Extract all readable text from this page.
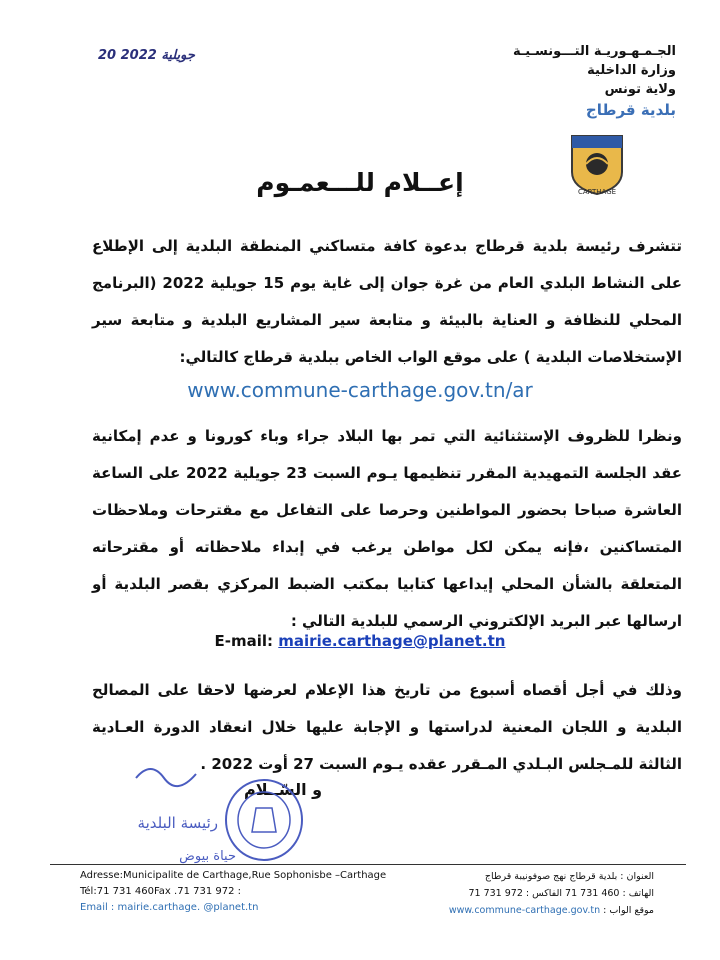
20 جويلية 2022	الجـمـهـوريـة التـــونسـيـة
وزارة الداخلية
ولاية تونس
بلدية قرطاج
CARTHAGE
إعــلام للـــعمـوم
تتشرف رئيسة بلدية قرطاج بدعوة كافة متساكني المنطقة البلدية إلى الإطلاع على النشاط البلدي العام من غرة جوان إلى غاية يوم 15 جويلية 2022 (البرنامج المحلي للنظافة و العناية بالبيئة و متابعة سير المشاريع البلدية و متابعة سير الإستخلاصات البلدية ) على موقع الواب الخاص ببلدية قرطاج كالتالي:
www.commune-carthage.gov.tn/ar
ونظرا للظروف الإستثنائية التي تمر بها البلاد جراء وباء كورونا و عدم إمكانية عقد الجلسة التمهيدية المقرر تنظيمها يـوم السبت 23 جويلية 2022 على الساعة العاشرة صباحا بحضور المواطنين وحرصا على التفاعل مع مقترحات وملاحظات المتساكنين ،فإنه يمكن لكل مواطن يرغب في إبداء ملاحظاته أو مقترحاته المتعلقة بالشأن المحلي إيداعها كتابيا بمكتب الضبط المركزي بقصر البلدية أو ارسالها عبر البريد الإلكتروني الرسمي للبلدية التالي :
E-mail: mairie.carthage@planet.tn
وذلك في أجل أقصاه أسبوع من تاريخ هذا الإعلام لعرضها لاحقا على المصالح البلدية و اللجان المعنية لدراستها و الإجابة عليها خلال انعقاد الدورة العـادية الثالثة للمـجلس البـلدي المـقرر عقده يـوم السبت 27 أوت 2022 .
و السّــلام
رئيسة البلدية
حياة بيوض
Adresse:Municipalite de Carthage,Rue Sophonisbe –Carthage
Tél:71 731 460Fax .71 731 972 :
Email : mairie.carthage. @planet.tn
العنوان : بلدية قرطاج نهج صوفونيبة قرطاج
الهاتف : 460 731 71 الفاكس : 972 731 71
موقع الواب : www.commune-carthage.gov.tn
